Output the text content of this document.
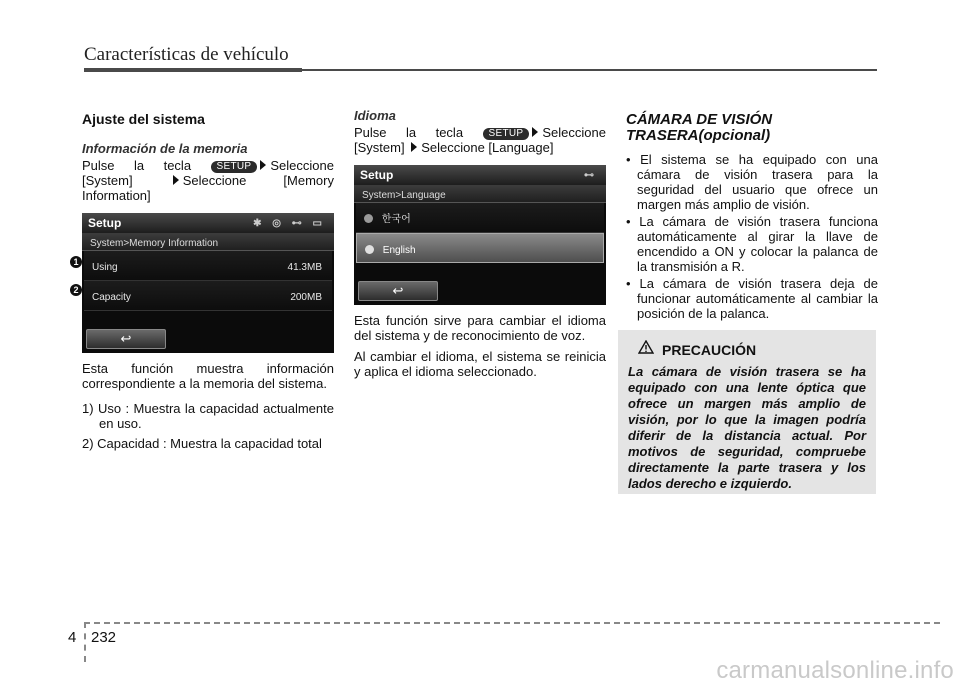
Características de vehículo
Ajuste del sistema
Información de la memoria

Pulse la tecla	SETUP Seleccione [System]	Seleccione [Memory Information]

Setup	✱ ◎ ⊷ ▭
System>Memory Information
Using	41.3MB
Capacity	200MB
↩

Esta función muestra información correspondiente a la memoria del sistema.

1) Uso : Muestra la capacidad actualmente en uso.
2) Capacidad : Muestra la capacidad total
1
2
Idioma

Pulse la tecla	SETUP Seleccione [System] Seleccione [Language]

Setup	⊷
System>Language
한국어
English
↩

Esta función sirve para cambiar el idioma del sistema y de reconocimiento de voz.

Al cambiar el idioma, el sistema se reinicia y aplica el idioma seleccionado.

CÁMARA DE VISIÓN TRASERA(opcional)
• El sistema se ha equipado con una cámara de visión trasera para la seguridad del usuario que ofrece un margen más amplio de visión.
• La cámara de visión trasera funciona automáticamente al girar la llave de encendido a ON y colocar la palanca de la transmisión a R.
• La cámara de visión trasera deja de funcionar automáticamente al cambiar la posición de la palanca.
PRECAUCIÓN
La cámara de visión trasera se ha equipado con una lente óptica que ofrece un margen más amplio de visión, por lo que la imagen podría diferir de la distancia actual. Por motivos de seguridad, compruebe directamente la parte trasera y los lados derecho e izquierdo.
4 232
carmanualsonline.info
